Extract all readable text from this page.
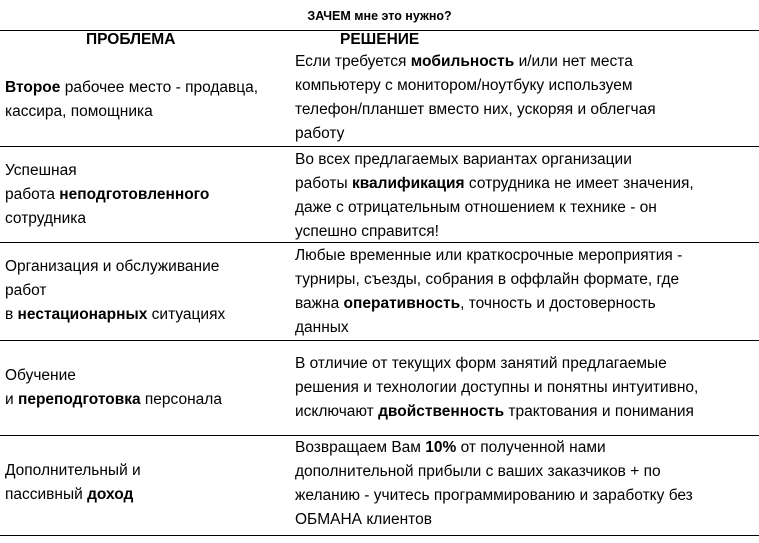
ЗАЧЕМ мне это нужно?
ПРОБЛЕМА	РЕШЕНИЕ
Второе рабочее место - продавца,
кассира, помощника
Если требуется мобильность и/или нет места
компьютеру с монитором/ноутбуку используем
телефон/планшет вместо них, ускоряя и облегчая
работу
Успешная
работа неподготовленного
сотрудника
Во всех предлагаемых вариантах организации
работы квалификация сотрудника не имеет значения,
даже с отрицательным отношением к технике - он
успешно справится!
Организация и обслуживание
работ
в нестационарных ситуациях
Любые временные или краткосрочные мероприятия -
турниры, съезды, собрания в оффлайн формате, где
важна оперативность, точность и достоверность
данных
Обучение
и переподготовка персонала
В отличие от текущих форм занятий предлагаемые
решения и технологии доступны и понятны интуитивно,
исключают двойственность трактования и понимания
Дополнительный и
пассивный доход
Возвращаем Вам 10% от полученной нами
дополнительной прибыли с ваших заказчиков + по
желанию - учитесь программированию и заработку без
ОБМАНА клиентов
